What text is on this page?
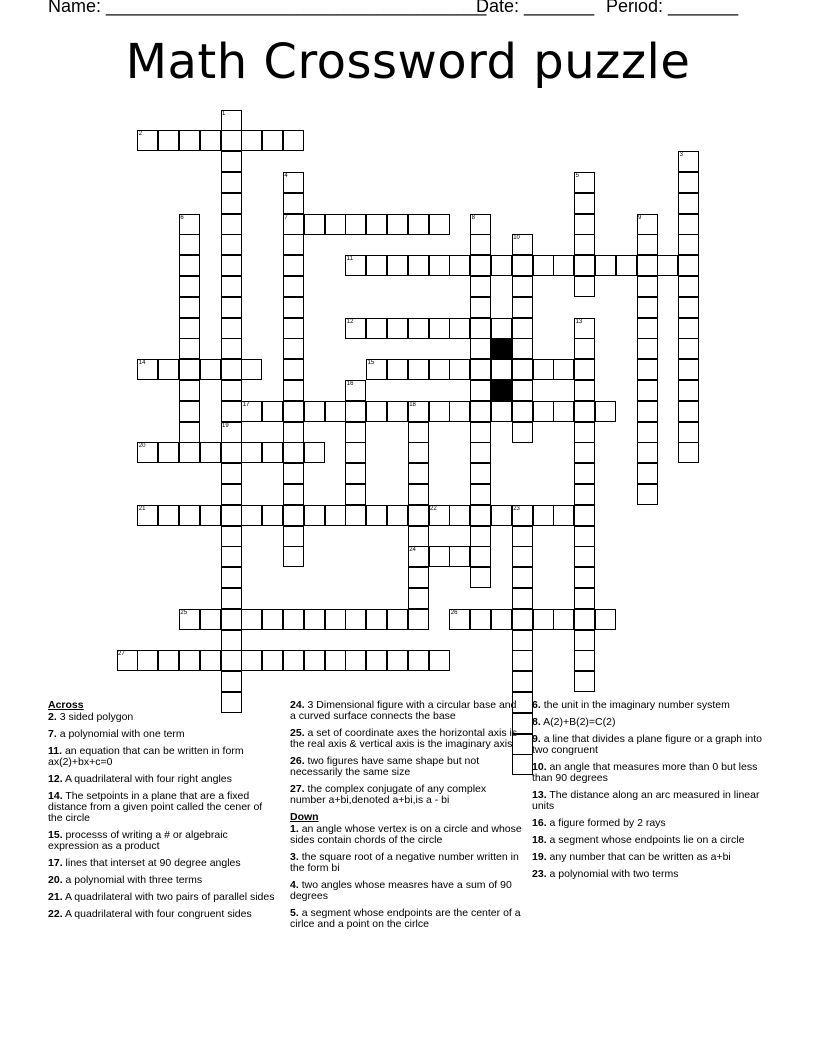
Name: ______________________________________
Date: _______ Period: _______
Math Crossword puzzle
1
2
3
4	5
6	7	8	9
10
11
12	13
14	15
16
17	18
19
20
21	22	23
24
25	26
27
Across
2. 3 sided polygon
7. a polynomial with one term
11. an equation that can be written in form ax(2)+bx+c=0
12. A quadrilateral with four right angles
14. The setpoints in a plane that are a fixed distance from a given point called the cener of the circle
15. processs of writing a # or algebraic expression as a product
17. lines that interset at 90 degree angles
20. a polynomial with three terms
21. A quadrilateral with two pairs of parallel sides
22. A quadrilateral with four congruent sides
24. 3 Dimensional figure with a circular base and a curved surface connects the base
25. a set of coordinate axes the horizontal axis is the real axis & vertical axis is the imaginary axis
26. two figures have same shape but not necessarily the same size
27. the complex conjugate of any complex number a+bi,denoted a+bi,is a - bi
Down
1. an angle whose vertex is on a circle and whose sides contain chords of the circle
3. the square root of a negative number written in the form bi
4. two angles whose measres have a sum of 90 degrees
5. a segment whose endpoints are the center of a cirlce and a point on the cirlce
6. the unit in the imaginary number system
8. A(2)+B(2)=C(2)
9. a line that divides a plane figure or a graph into two congruent
10. an angle that measures more than 0 but less than 90 degrees
13. The distance along an arc measured in linear units
16. a figure formed by 2 rays
18. a segment whose endpoints lie on a circle
19. any number that can be written as a+bi
23. a polynomial with two terms
